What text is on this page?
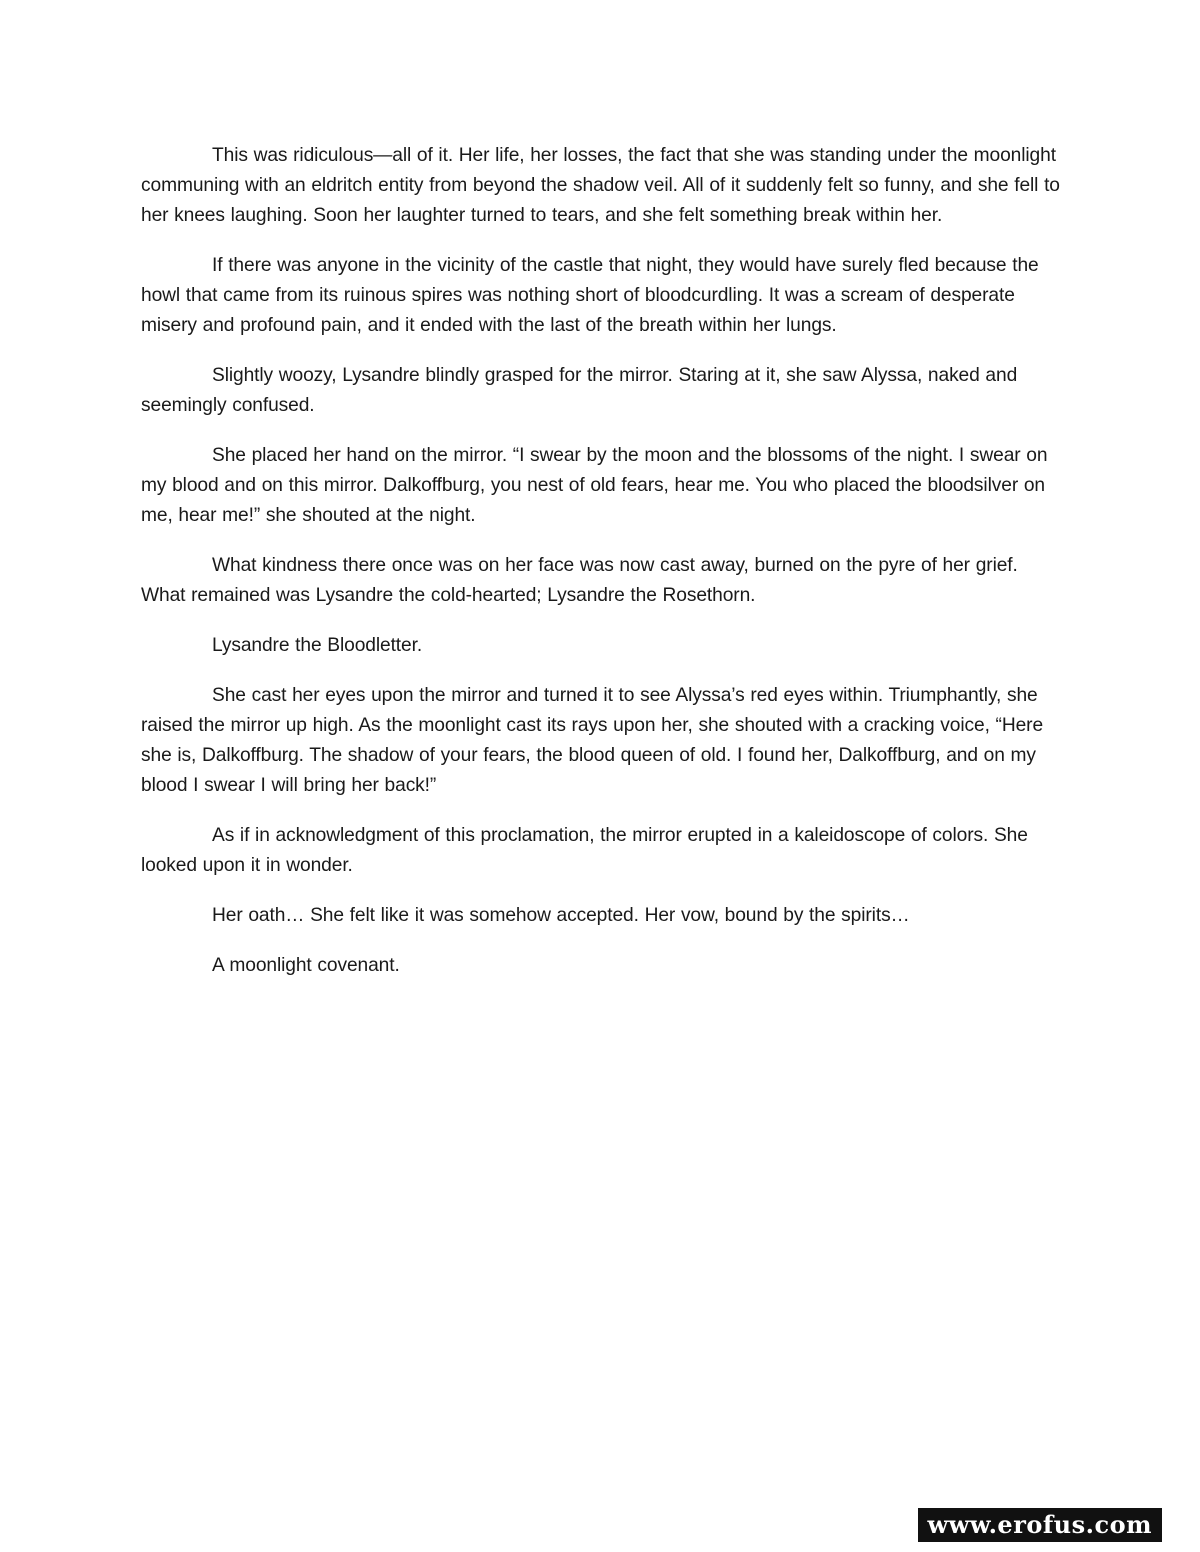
This was ridiculous—all of it. Her life, her losses, the fact that she was standing under the moonlight communing with an eldritch entity from beyond the shadow veil. All of it suddenly felt so funny, and she fell to her knees laughing. Soon her laughter turned to tears, and she felt something break within her.

If there was anyone in the vicinity of the castle that night, they would have surely fled because the howl that came from its ruinous spires was nothing short of bloodcurdling. It was a scream of desperate misery and profound pain, and it ended with the last of the breath within her lungs.

Slightly woozy, Lysandre blindly grasped for the mirror. Staring at it, she saw Alyssa, naked and seemingly confused.

She placed her hand on the mirror. “I swear by the moon and the blossoms of the night. I swear on my blood and on this mirror. Dalkoffburg, you nest of old fears, hear me. You who placed the bloodsilver on me, hear me!” she shouted at the night.

What kindness there once was on her face was now cast away, burned on the pyre of her grief. What remained was Lysandre the cold-hearted; Lysandre the Rosethorn.

Lysandre the Bloodletter.

She cast her eyes upon the mirror and turned it to see Alyssa’s red eyes within. Triumphantly, she raised the mirror up high. As the moonlight cast its rays upon her, she shouted with a cracking voice, “Here she is, Dalkoffburg. The shadow of your fears, the blood queen of old. I found her, Dalkoffburg, and on my blood I swear I will bring her back!”

As if in acknowledgment of this proclamation, the mirror erupted in a kaleidoscope of colors. She looked upon it in wonder.

Her oath… She felt like it was somehow accepted. Her vow, bound by the spirits…

A moonlight covenant.

www.erofus.com
